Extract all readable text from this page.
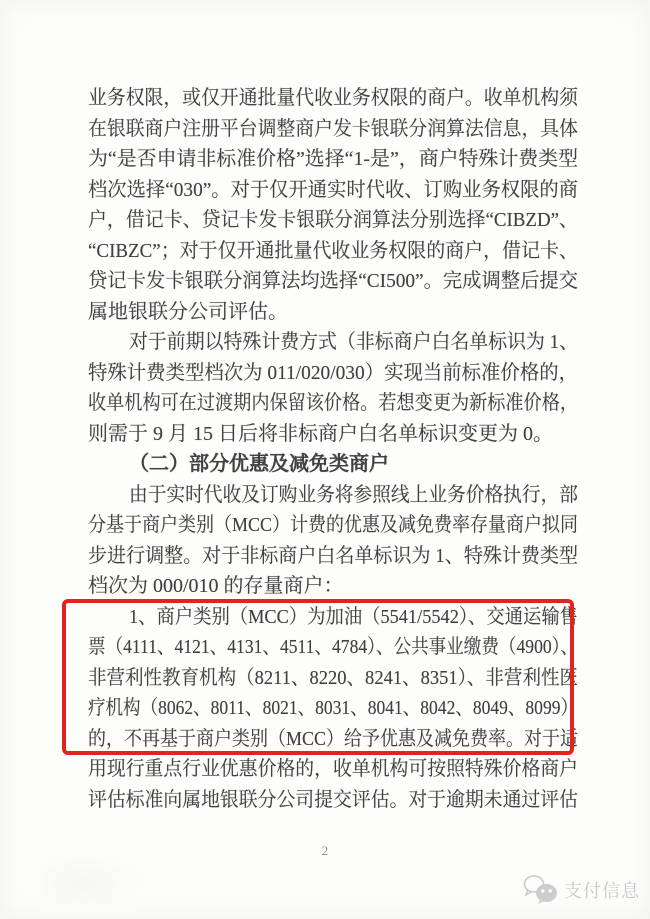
业务权限，或仅开通批量代收业务权限的商户。收单机构须
在银联商户注册平台调整商户发卡银联分润算法信息，具体
为“是否申请非标准价格”选择“1-是”，商户特殊计费类型
档次选择“030”。对于仅开通实时代收、订购业务权限的商
户，借记卡、贷记卡发卡银联分润算法分别选择“CIBZD”、
“CIBZC”；对于仅开通批量代收业务权限的商户，借记卡、
贷记卡发卡银联分润算法均选择“CI500”。完成调整后提交
属地银联分公司评估。
对于前期以特殊计费方式（非标商户白名单标识为 1、
特殊计费类型档次为 011/020/030）实现当前标准价格的，
收单机构可在过渡期内保留该价格。若想变更为新标准价格，
则需于 9 月 15 日后将非标商户白名单标识变更为 0。
（二）部分优惠及减免类商户
由于实时代收及订购业务将参照线上业务价格执行，部
分基于商户类别（MCC）计费的优惠及减免费率存量商户拟同
步进行调整。对于非标商户白名单标识为 1、特殊计费类型
档次为 000/010 的存量商户：
1、商户类别（MCC）为加油（5541/5542）、交通运输售
票（4111、4121、4131、4511、4784）、公共事业缴费（4900）、
非营利性教育机构（8211、8220、8241、8351）、非营利性医
疗机构（8062、8011、8021、8031、8041、8042、8049、8099）
的，不再基于商户类别（MCC）给予优惠及减免费率。对于适
用现行重点行业优惠价格的，收单机构可按照特殊价格商户
评估标准向属地银联分公司提交评估。对于逾期未通过评估
2
支付信息
